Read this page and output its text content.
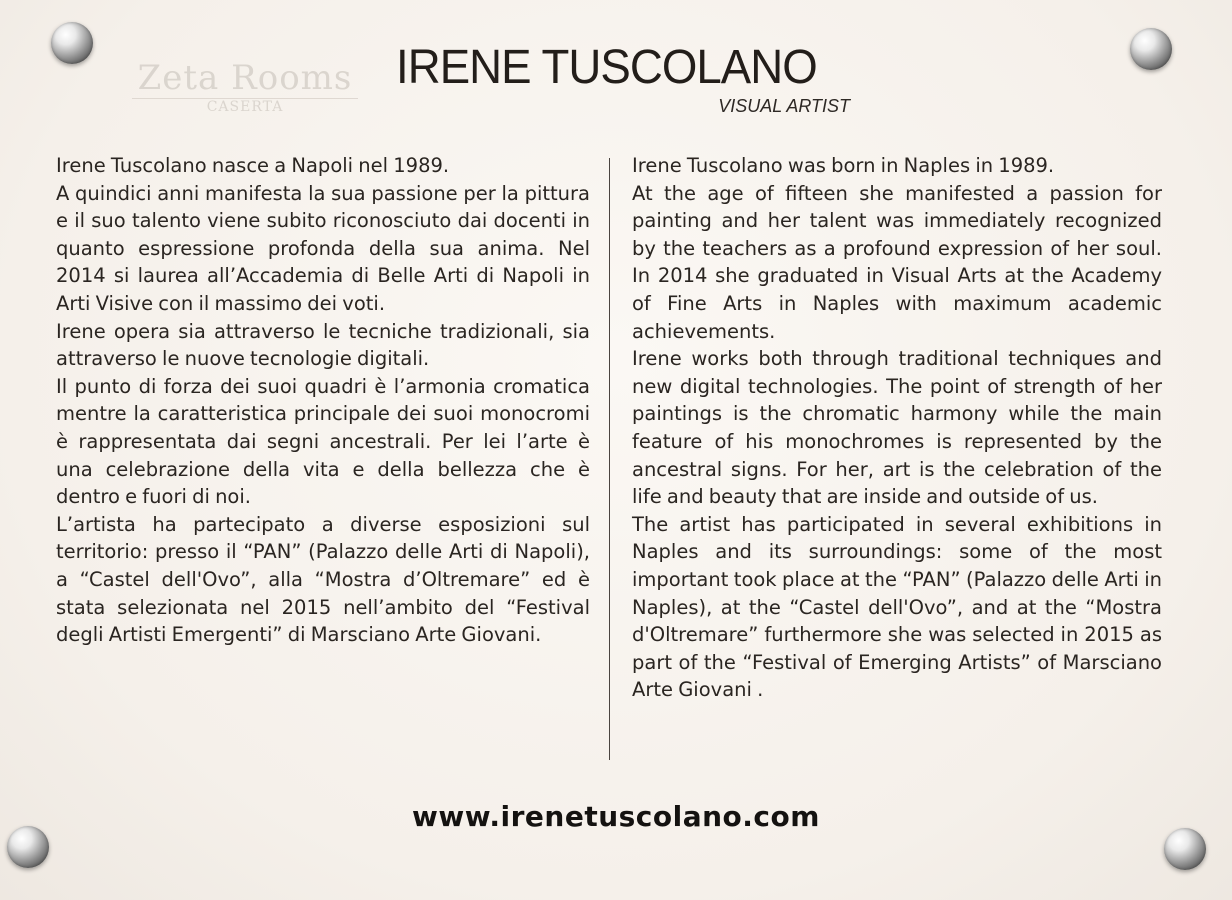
Zeta Rooms
CASERTA
IRENE TUSCOLANO
VISUAL ARTIST

Irene Tuscolano nasce a Napoli nel 1989.

A quindici anni manifesta la sua passione per la pittura e il suo talento viene subito riconosciuto dai docenti in quanto espressione profonda della sua anima. Nel 2014 si laurea all’Accademia di Belle Arti di Napoli in Arti Visive con il massimo dei voti.

Irene opera sia attraverso le tecniche tradizionali, sia attraverso le nuove tecnologie digitali.

Il punto di forza dei suoi quadri è l’armonia cromatica mentre la caratteristica principale dei suoi monocromi è rappresentata dai segni ancestrali. Per lei l’arte è una celebrazione della vita e della bellezza che è dentro e fuori di noi.

L’artista ha partecipato a diverse esposizioni sul territorio: presso il “PAN” (Palazzo delle Arti di Napoli), a “Castel dell'Ovo”, alla “Mostra d’Oltremare” ed è stata selezionata nel 2015 nell’ambito del “Festival degli Artisti Emergenti” di Marsciano Arte Giovani.

Irene Tuscolano was born in Naples in 1989.

At the age of fifteen she manifested a passion for painting and her talent was immediately recognized by the teachers as a profound expression of her soul. In 2014 she graduated in Visual Arts at the Academy of Fine Arts in Naples with maximum academic achievements.

Irene works both through traditional techniques and new digital technologies. The point of strength of her paintings is the chromatic harmony while the main feature of his monochromes is represented by the ancestral signs. For her, art is the celebration of the life and beauty that are inside and outside of us.

The artist has participated in several exhibitions in Naples and its surroundings: some of the most important took place at the “PAN” (Palazzo delle Arti in Naples), at the “Castel dell'Ovo”, and at the “Mostra d'Oltremare” furthermore she was selected in 2015 as part of the “Festival of Emerging Artists” of Marsciano Arte Giovani .

www.irenetuscolano.com
